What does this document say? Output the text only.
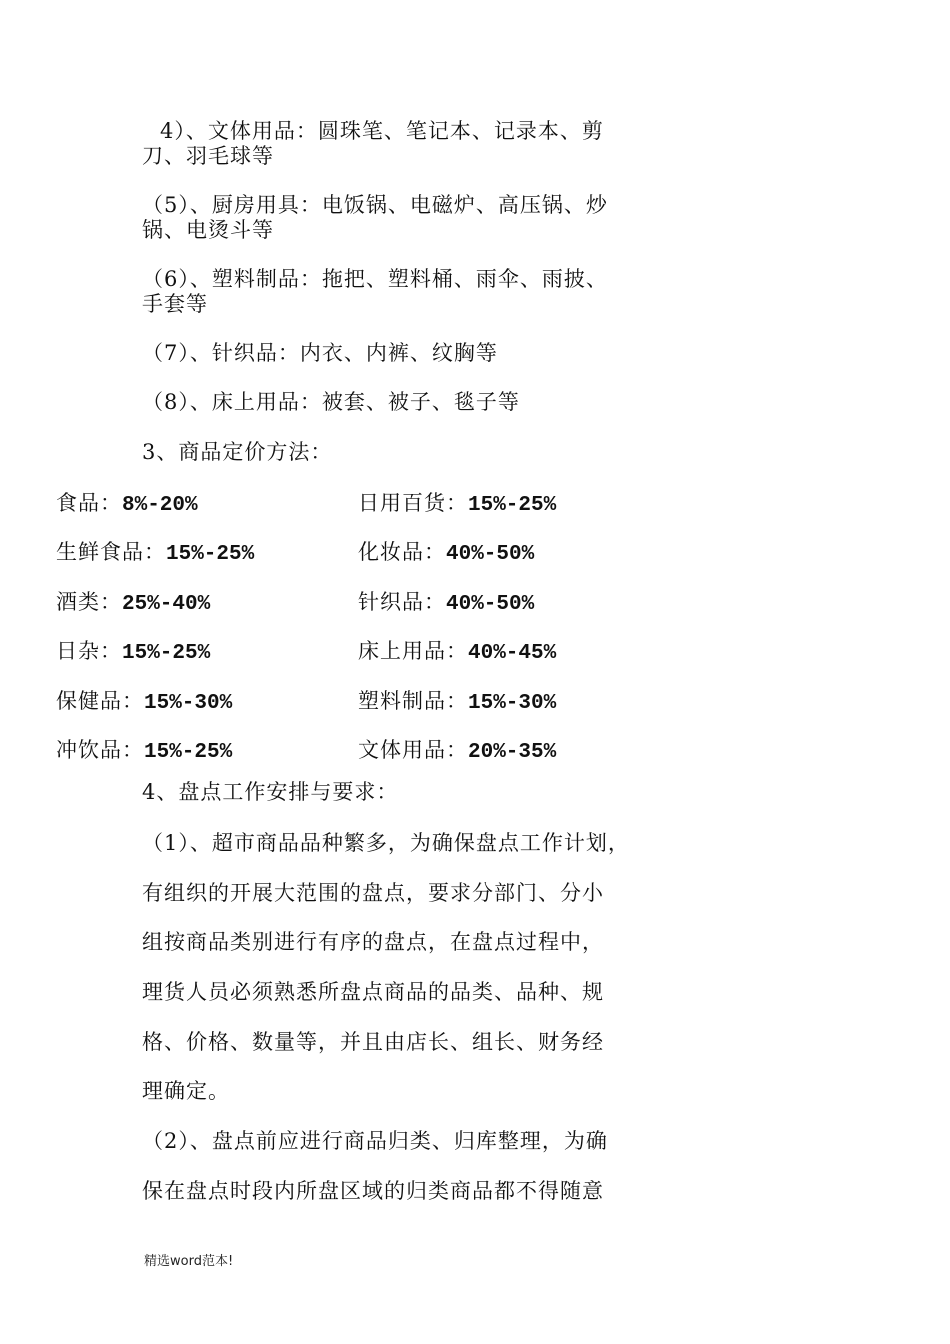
4）、文体用品：圆珠笔、笔记本、记录本、剪
刀、羽毛球等
（5）、厨房用具：电饭锅、电磁炉、高压锅、炒
锅、电烫斗等
（6）、塑料制品：拖把、塑料桶、雨伞、雨披、
手套等
（7）、针织品：内衣、内裤、纹胸等
（8）、床上用品：被套、被子、毯子等
3、商品定价方法：
食品：8%-20%	日用百货：15%-25%
生鲜食品：15%-25%	化妆品：40%-50%
酒类：25%-40%	针织品：40%-50%
日杂：15%-25%	床上用品：40%-45%
保健品：15%-30%	塑料制品：15%-30%
冲饮品：15%-25%	文体用品：20%-35%
4、盘点工作安排与要求：
（1）、超市商品品种繁多，为确保盘点工作计划，
有组织的开展大范围的盘点，要求分部门、分小
组按商品类别进行有序的盘点，在盘点过程中，
理货人员必须熟悉所盘点商品的品类、品种、规
格、价格、数量等，并且由店长、组长、财务经
理确定。
（2）、盘点前应进行商品归类、归库整理，为确
保在盘点时段内所盘区域的归类商品都不得随意
精选word范本!
